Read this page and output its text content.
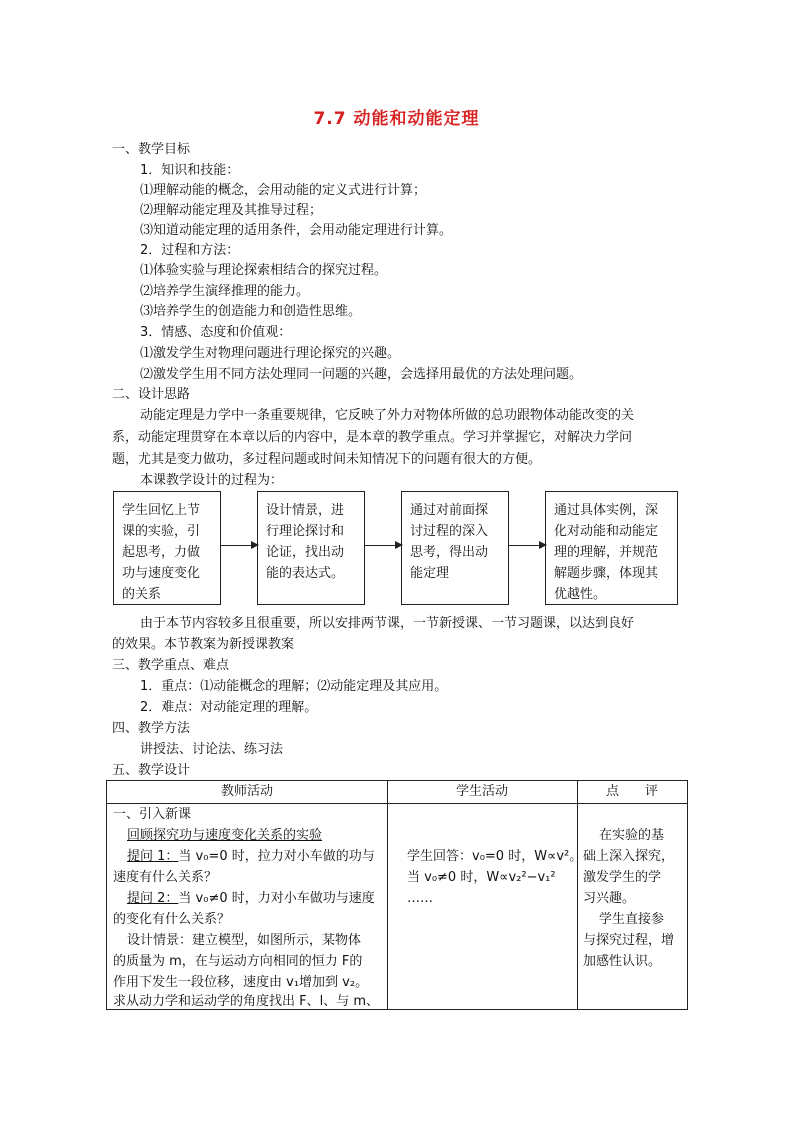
7.7 动能和动能定理
一、教学目标
1．知识和技能：
⑴理解动能的概念，会用动能的定义式进行计算；
⑵理解动能定理及其推导过程；
⑶知道动能定理的适用条件，会用动能定理进行计算。
2．过程和方法：
⑴体验实验与理论探索相结合的探究过程。
⑵培养学生演绎推理的能力。
⑶培养学生的创造能力和创造性思维。
3．情感、态度和价值观：
⑴激发学生对物理问题进行理论探究的兴趣。
⑵激发学生用不同方法处理同一问题的兴趣，会选择用最优的方法处理问题。
二、设计思路
动能定理是力学中一条重要规律，它反映了外力对物体所做的总功跟物体动能改变的关
系，动能定理贯穿在本章以后的内容中，是本章的教学重点。学习并掌握它，对解决力学问
题，尤其是变力做功，多过程问题或时间未知情况下的问题有很大的方便。
本课教学设计的过程为：
学生回忆上节课的实验，引起思考，力做功与速度变化的关系
设计情景，进行理论探讨和论证，找出动能的表达式。
通过对前面探讨过程的深入思考，得出动能定理
通过具体实例，深化对动能和动能定理的理解，并规范解题步骤，体现其优越性。
由于本节内容较多且很重要，所以安排两节课，一节新授课、一节习题课，以达到良好
的效果。本节教案为新授课教案
三、教学重点、难点
1．重点：⑴动能概念的理解；⑵动能定理及其应用。
2．难点：对动能定理的理解。
四、教学方法
讲授法、讨论法、练习法
五、教学设计
教师活动	学生活动	点　　评
一、引入新课
回顾探究功与速度变化关系的实验
提问 1：当 v₀=0 时，拉力对小车做的功与
速度有什么关系？
提问 2：当 v₀≠0 时，力对小车做功与速度
的变化有什么关系？
设计情景：建立模型，如图所示，某物体
的质量为 m，在与运动方向相同的恒力 F的
作用下发生一段位移，速度由 v₁增加到 v₂。
求从动力学和运动学的角度找出 F、l、与 m、
学生回答：v₀=0 时，W∝v²。
当 v₀≠0 时，W∝v₂²−v₁²
……
在实验的基
础上深入探究，
激发学生的学
习兴趣。
学生直接参
与探究过程，增
加感性认识。
